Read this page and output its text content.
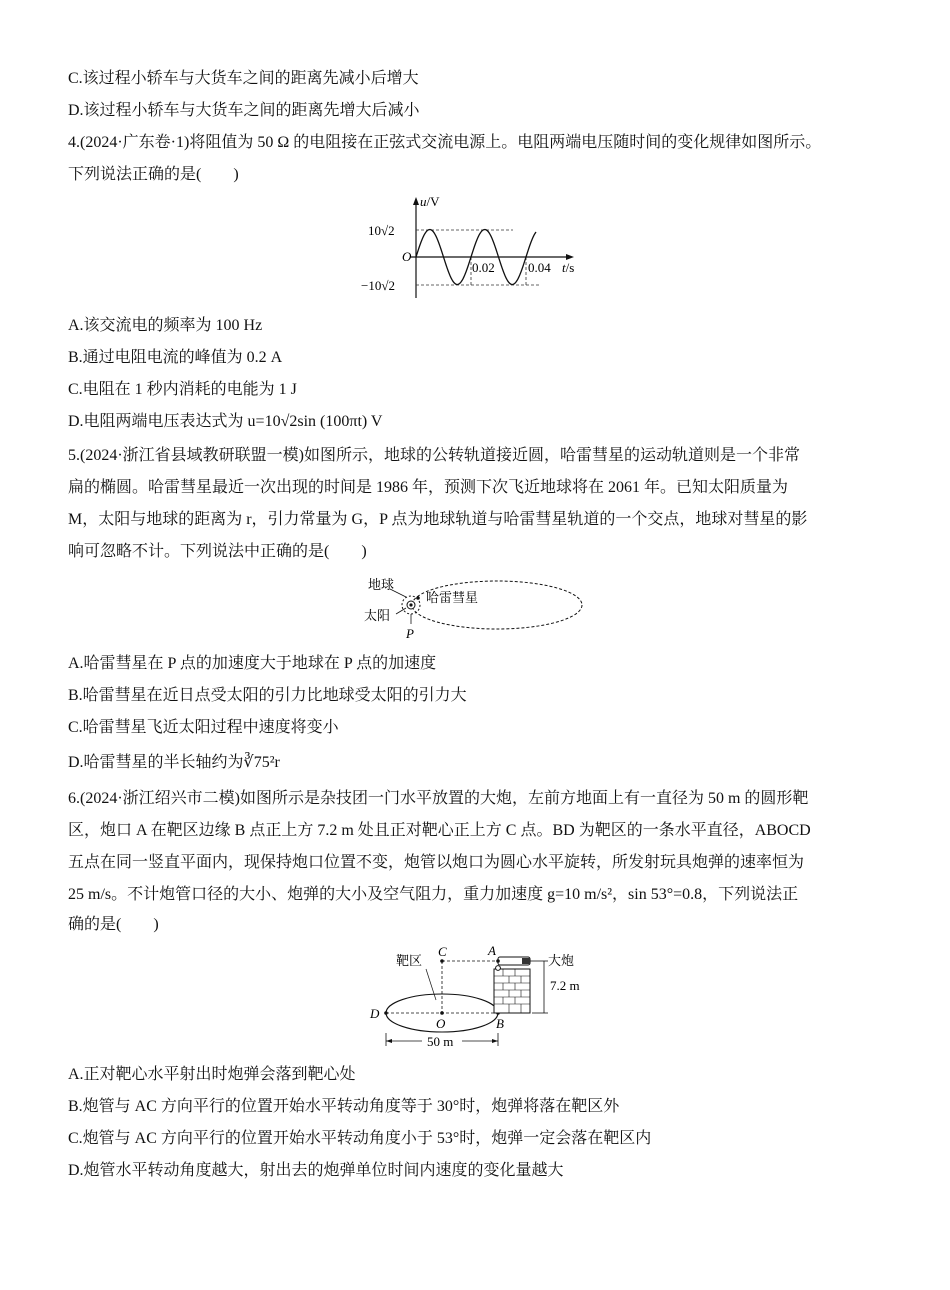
C.该过程小轿车与大货车之间的距离先减小后增大
D.该过程小轿车与大货车之间的距离先增大后减小
4.(2024·广东卷·1)将阻值为 50 Ω 的电阻接在正弦式交流电源上。电阻两端电压随时间的变化规律如图所示。
下列说法正确的是(　　)
u/V
10√2
−10√2
O
0.02	0.04 t/s
A.该交流电的频率为 100 Hz
B.通过电阻电流的峰值为 0.2 A
C.电阻在 1 秒内消耗的电能为 1 J
D.电阻两端电压表达式为 u=10√2sin (100πt) V
5.(2024·浙江省县域教研联盟一模)如图所示，地球的公转轨道接近圆，哈雷彗星的运动轨道则是一个非常
扁的椭圆。哈雷彗星最近一次出现的时间是 1986 年，预测下次飞近地球将在 2061 年。已知太阳质量为
M，太阳与地球的距离为 r，引力常量为 G，P 点为地球轨道与哈雷彗星轨道的一个交点，地球对彗星的影
响可忽略不计。下列说法中正确的是(　　)
地球
哈雷彗星
太阳
P
A.哈雷彗星在 P 点的加速度大于地球在 P 点的加速度
B.哈雷彗星在近日点受太阳的引力比地球受太阳的引力大
C.哈雷彗星飞近太阳过程中速度将变小
D.哈雷彗星的半长轴约为∛75²r
6.(2024·浙江绍兴市二模)如图所示是杂技团一门水平放置的大炮，左前方地面上有一直径为 50 m 的圆形靶
区，炮口 A 在靶区边缘 B 点正上方 7.2 m 处且正对靶心正上方 C 点。BD 为靶区的一条水平直径，ABOCD
五点在同一竖直平面内，现保持炮口位置不变，炮管以炮口为圆心水平旋转，所发射玩具炮弹的速率恒为
25 m/s。不计炮管口径的大小、炮弹的大小及空气阻力，重力加速度 g=10 m/s²，sin 53°=0.8，下列说法正
确的是(　　)
靶区
C	A
大炮
7.2 m
D
O	B
50 m
A.正对靶心水平射出时炮弹会落到靶心处
B.炮管与 AC 方向平行的位置开始水平转动角度等于 30°时，炮弹将落在靶区外
C.炮管与 AC 方向平行的位置开始水平转动角度小于 53°时，炮弹一定会落在靶区内
D.炮管水平转动角度越大，射出去的炮弹单位时间内速度的变化量越大
